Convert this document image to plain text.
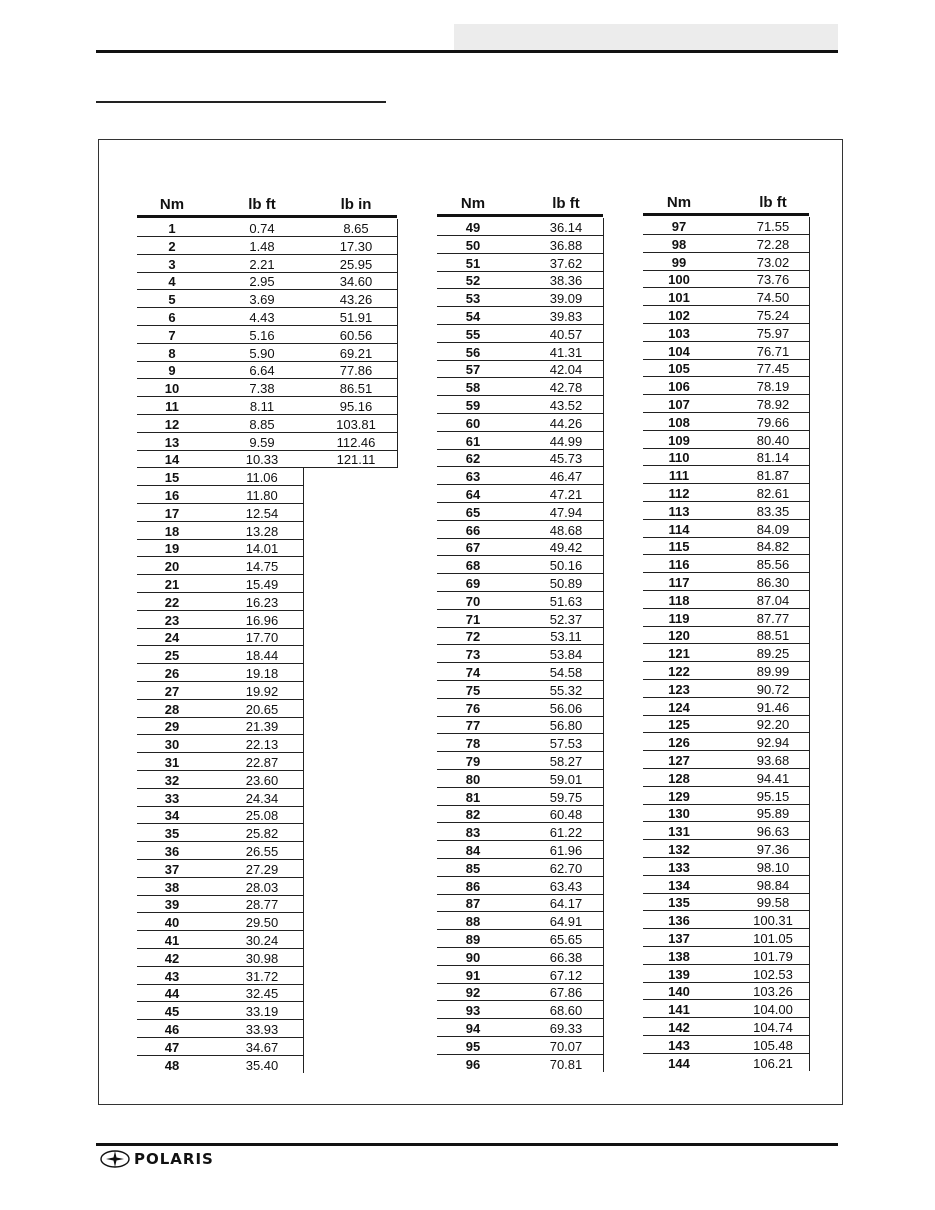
Nm	lb ft	lb in
1	0.74	8.65
2	1.48	17.30
3	2.21	25.95
4	2.95	34.60
5	3.69	43.26
6	4.43	51.91
7	5.16	60.56
8	5.90	69.21
9	6.64	77.86
10	7.38	86.51
11	8.11	95.16
12	8.85	103.81
13	9.59	112.46
14	10.33	121.11
15	11.06
16	11.80
17	12.54
18	13.28
19	14.01
20	14.75
21	15.49
22	16.23
23	16.96
24	17.70
25	18.44
26	19.18
27	19.92
28	20.65
29	21.39
30	22.13
31	22.87
32	23.60
33	24.34
34	25.08
35	25.82
36	26.55
37	27.29
38	28.03
39	28.77
40	29.50
41	30.24
42	30.98
43	31.72
44	32.45
45	33.19
46	33.93
47	34.67
48	35.40
Nm	lb ft
49	36.14
50	36.88
51	37.62
52	38.36
53	39.09
54	39.83
55	40.57
56	41.31
57	42.04
58	42.78
59	43.52
60	44.26
61	44.99
62	45.73
63	46.47
64	47.21
65	47.94
66	48.68
67	49.42
68	50.16
69	50.89
70	51.63
71	52.37
72	53.11
73	53.84
74	54.58
75	55.32
76	56.06
77	56.80
78	57.53
79	58.27
80	59.01
81	59.75
82	60.48
83	61.22
84	61.96
85	62.70
86	63.43
87	64.17
88	64.91
89	65.65
90	66.38
91	67.12
92	67.86
93	68.60
94	69.33
95	70.07
96	70.81
Nm	lb ft
97	71.55
98	72.28
99	73.02
100	73.76
101	74.50
102	75.24
103	75.97
104	76.71
105	77.45
106	78.19
107	78.92
108	79.66
109	80.40
110	81.14
111	81.87
112	82.61
113	83.35
114	84.09
115	84.82
116	85.56
117	86.30
118	87.04
119	87.77
120	88.51
121	89.25
122	89.99
123	90.72
124	91.46
125	92.20
126	92.94
127	93.68
128	94.41
129	95.15
130	95.89
131	96.63
132	97.36
133	98.10
134	98.84
135	99.58
136	100.31
137	101.05
138	101.79
139	102.53
140	103.26
141	104.00
142	104.74
143	105.48
144	106.21
POLARIS
